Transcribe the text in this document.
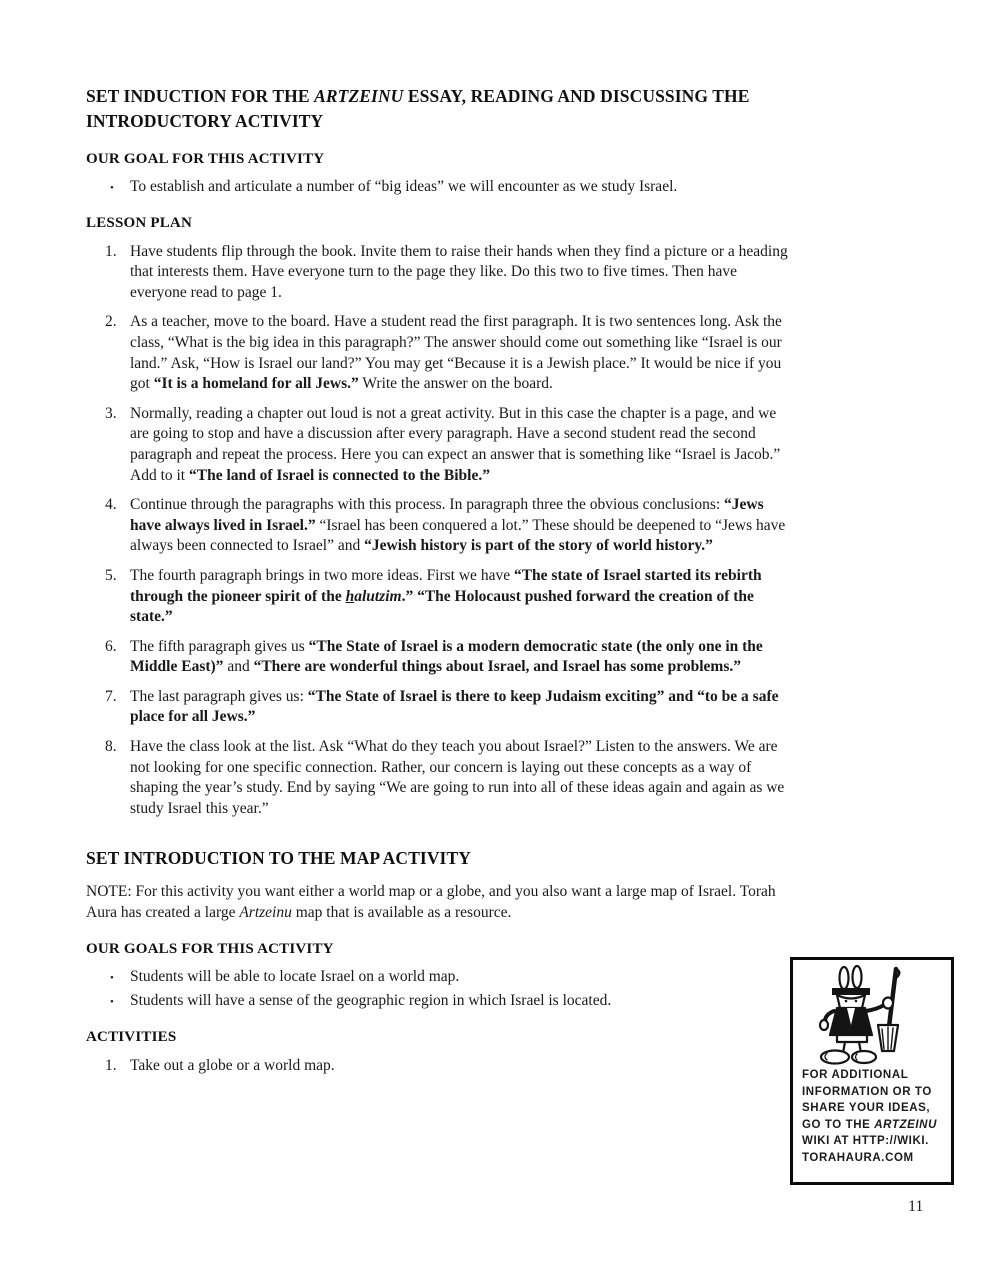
SET INDUCTION FOR THE ARTZEINU ESSAY, READING AND DISCUSSING THE INTRODUCTORY ACTIVITY
OUR GOAL FOR THIS ACTIVITY
• To establish and articulate a number of “big ideas” we will encounter as we study Israel.
LESSON PLAN
Have students flip through the book. Invite them to raise their hands when they find a picture or a heading that interests them. Have everyone turn to the page they like. Do this two to five times. Then have everyone read to page 1.
As a teacher, move to the board. Have a student read the first paragraph. It is two sentences long. Ask the class, “What is the big idea in this paragraph?” The answer should come out something like “Israel is our land.” Ask, “How is Israel our land?” You may get “Because it is a Jewish place.” It would be nice if you got “It is a homeland for all Jews.” Write the answer on the board.
Normally, reading a chapter out loud is not a great activity. But in this case the chapter is a page, and we are going to stop and have a discussion after every paragraph. Have a second student read the second paragraph and repeat the process. Here you can expect an answer that is something like “Israel is Jacob.” Add to it “The land of Israel is connected to the Bible.”
Continue through the paragraphs with this process. In paragraph three the obvious conclusions: “Jews have always lived in Israel.” “Israel has been conquered a lot.” These should be deepened to “Jews have always been connected to Israel” and “Jewish history is part of the story of world history.”
The fourth paragraph brings in two more ideas. First we have “The state of Israel started its rebirth through the pioneer spirit of the halutzim.” “The Holocaust pushed forward the creation of the state.”
The fifth paragraph gives us “The State of Israel is a modern democratic state (the only one in the Middle East)” and “There are wonderful things about Israel, and Israel has some problems.”
The last paragraph gives us: “The State of Israel is there to keep Judaism exciting” and “to be a safe place for all Jews.”
Have the class look at the list. Ask “What do they teach you about Israel?” Listen to the answers. We are not looking for one specific connection. Rather, our concern is laying out these concepts as a way of shaping the year’s study. End by saying “We are going to run into all of these ideas again and again as we study Israel this year.”
SET INTRODUCTION TO THE MAP ACTIVITY

NOTE: For this activity you want either a world map or a globe, and you also want a large map of Israel. Torah Aura has created a large Artzeinu map that is available as a resource.

OUR GOALS FOR THIS ACTIVITY
• Students will be able to locate Israel on a world map.
• Students will have a sense of the geographic region in which Israel is located.
ACTIVITIES
Take out a globe or a world map.
FOR ADDITIONAL INFORMATION OR TO SHARE YOUR IDEAS, GO TO THE ARTZEINU WIKI AT HTTP://WIKI.​TORAHAURA.COM
11
